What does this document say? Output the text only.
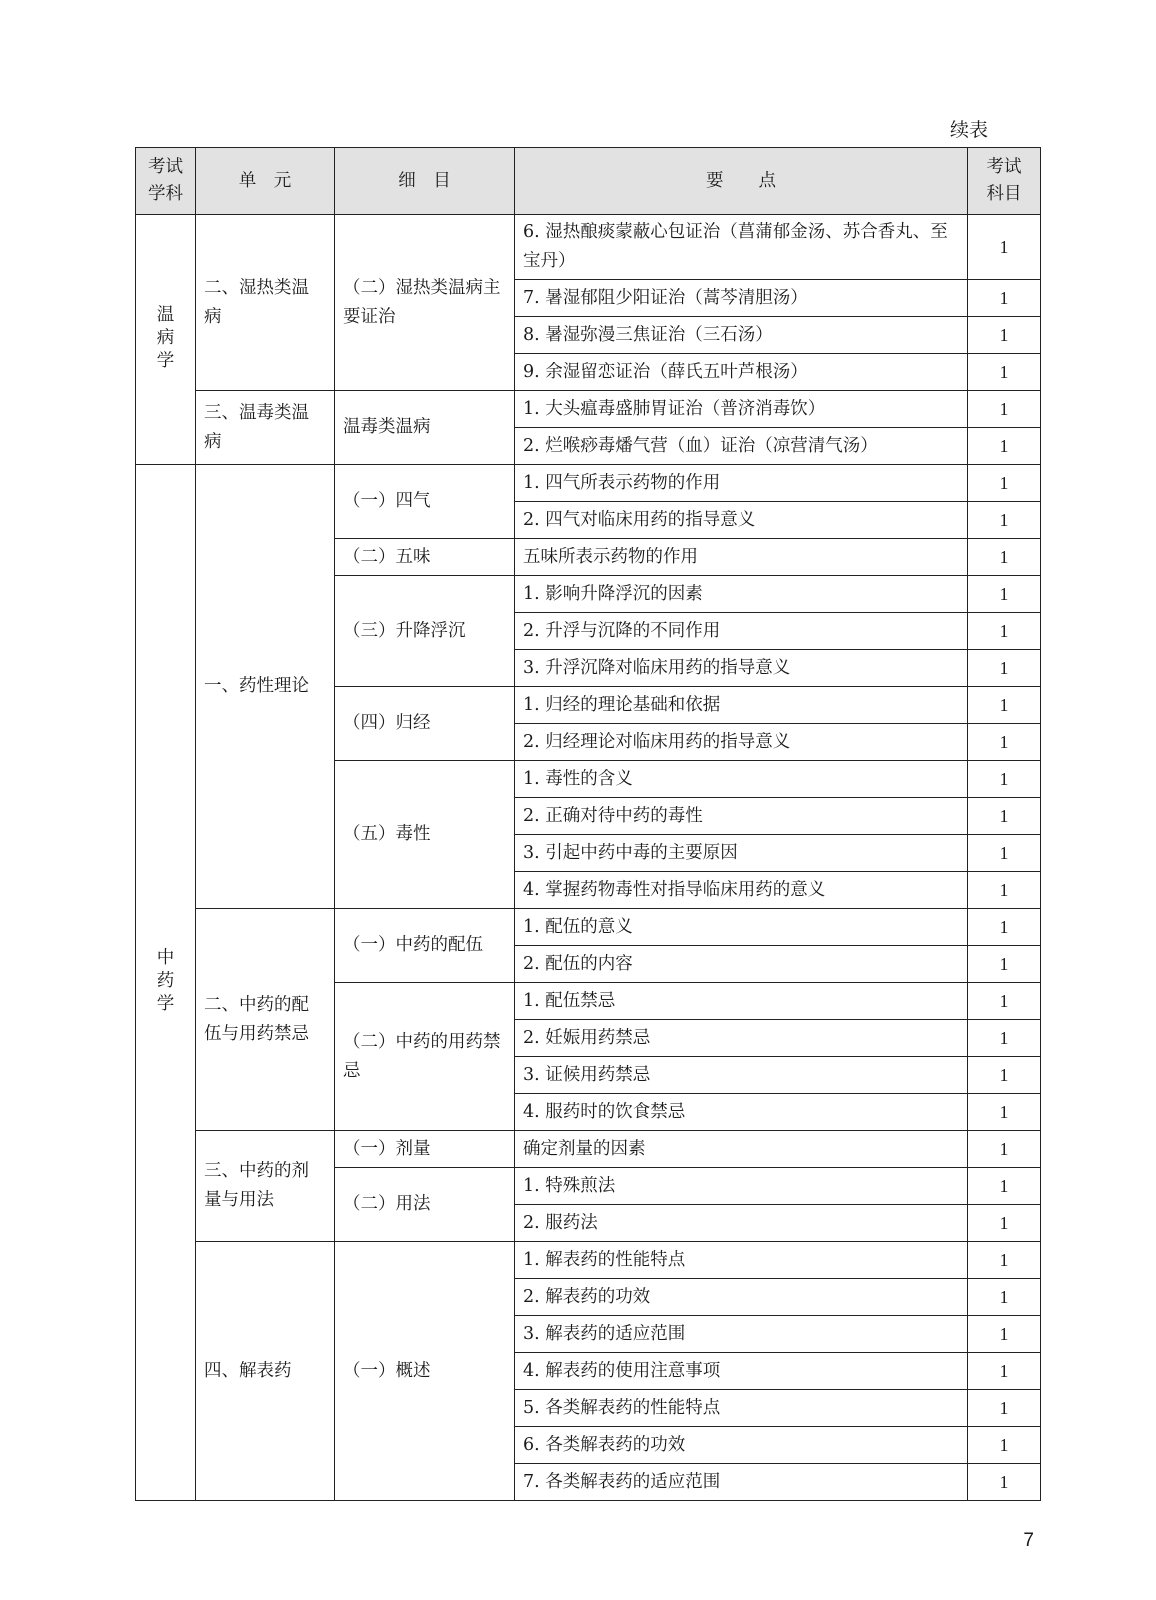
续表
考试学科	单　元	细　目	要　　点	考试科目
温病学	二、湿热类温病	（二）湿热类温病主要证治	6. 湿热酿痰蒙蔽心包证治（菖蒲郁金汤、苏合香丸、至宝丹）	1
			7. 暑湿郁阻少阳证治（蒿芩清胆汤）	1
			8. 暑湿弥漫三焦证治（三石汤）	1
			9. 余湿留恋证治（薛氏五叶芦根汤）	1
	三、温毒类温病	温毒类温病	1. 大头瘟毒盛肺胃证治（普济消毒饮）	1
			2. 烂喉痧毒燔气营（血）证治（凉营清气汤）	1
中药学	一、药性理论	（一）四气	1. 四气所表示药物的作用	1
			2. 四气对临床用药的指导意义	1
		（二）五味	五味所表示药物的作用	1
		（三）升降浮沉	1. 影响升降浮沉的因素	1
			2. 升浮与沉降的不同作用	1
			3. 升浮沉降对临床用药的指导意义	1
		（四）归经	1. 归经的理论基础和依据	1
			2. 归经理论对临床用药的指导意义	1
		（五）毒性	1. 毒性的含义	1
			2. 正确对待中药的毒性	1
			3. 引起中药中毒的主要原因	1
			4. 掌握药物毒性对指导临床用药的意义	1
	二、中药的配伍与用药禁忌	（一）中药的配伍	1. 配伍的意义	1
			2. 配伍的内容	1
		（二）中药的用药禁忌	1. 配伍禁忌	1
			2. 妊娠用药禁忌	1
			3. 证候用药禁忌	1
			4. 服药时的饮食禁忌	1
	三、中药的剂量与用法	（一）剂量	确定剂量的因素	1
		（二）用法	1. 特殊煎法	1
			2. 服药法	1
	四、解表药	（一）概述	1. 解表药的性能特点	1
			2. 解表药的功效	1
			3. 解表药的适应范围	1
			4. 解表药的使用注意事项	1
			5. 各类解表药的性能特点	1
			6. 各类解表药的功效	1
			7. 各类解表药的适应范围	1
7
